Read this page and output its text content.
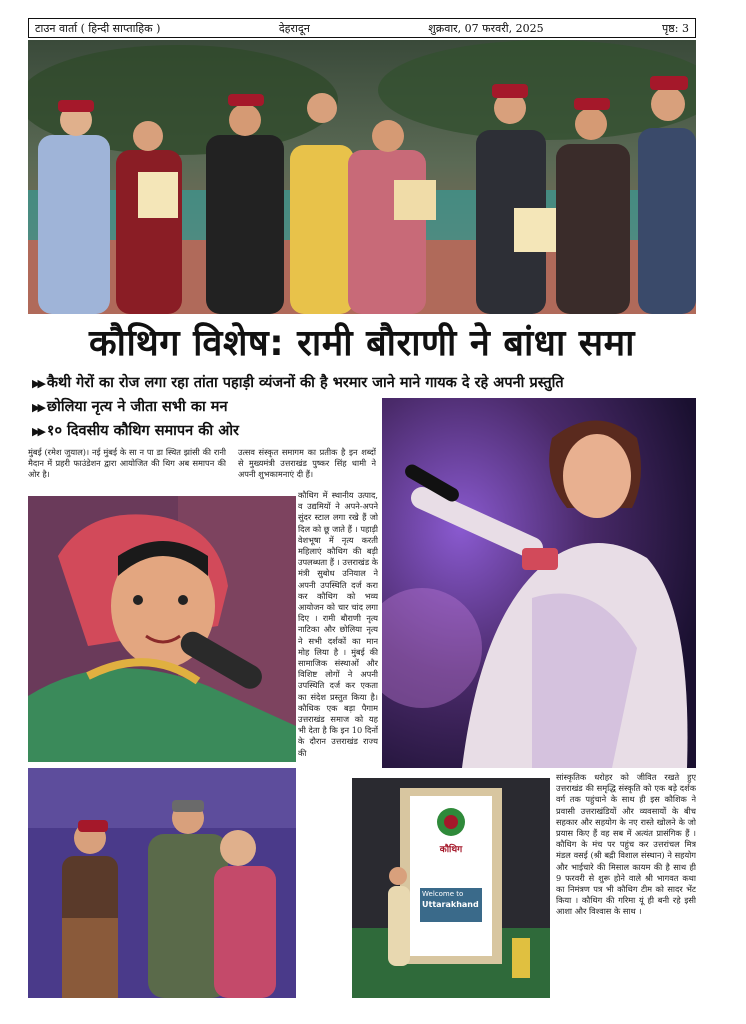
टाउन वार्ता ( हिन्दी साप्ताहिक )	देहरादून	शुक्रवार, 07 फरवरी, 2025	पृष्ठ: 3
कौथिग विशेष: रामी बौराणी ने बांधा समा
▶▶ कैथी गेरों का रोज लगा रहा तांता पहाड़ी व्यंजनों की है भरमार जाने माने गायक दे रहे अपनी प्रस्तुति
▶▶ छोलिया नृत्य ने जीता सभी का मन
▶▶ १० दिवसीय कौथिग समापन की ओर
मुंबई (रमेश जुयाल)। नई मुंबई के सा न पा डा स्थित झांसी की रानी मैदान में प्रहरी फाउंडेशन द्वारा आयोजित की थिग अब समापन की ओर है।
उत्सव संस्कृत समागम का प्रतीक है इन शब्दों से मुख्यमंत्री उत्तराखंड पुष्कर सिंह धामी ने अपनी शुभकामनाएं दी हैं।
कौथिग में स्थानीय उत्पाद, व उद्यमियों ने अपने-अपने सुंदर स्टाल लगा रखे हैं जो दिल को छू जाते हैं । पहाड़ी वेशभूषा में नृत्य करती महिलाएं कौथिग की बड़ी उपलब्धता हैं । उत्तराखंड के मंत्री सुबोध उनियाल ने अपनी उपस्थिति दर्ज करा कर कौथिग को भव्य आयोजन को चार चांद लगा दिए । रामी बौराणी नृत्य नाटिका और छोलिया नृत्य ने सभी दर्शकों का मान मोह लिया है । मुंबई की सामाजिक संस्थाओं और विशिष्ट लोगों ने अपनी उपस्थिति दर्ज कर एकता का संदेश प्रस्तुत किया है। कौथिक एक बड़ा पैगाम उत्तराखंड समाज को यह भी देता है कि इन 10 दिनों के दौरान उत्तराखंड राज्य की
कौथिग
Welcome to
Uttarakhand
सांस्कृतिक धरोहर को जीवित रखते हुए उत्तराखंड की समृद्धि संस्कृति को एक बड़े दर्शक वर्ग तक पहुंचाने के साथ ही इस कौशिक ने प्रवासी उत्तराखंडियों और व्यवसायों के बीच सहकार और सहयोग के नए रास्ते खोलने के जो प्रयास किए हैं वह सब में अत्यंत प्रासंगिक हैं । कौथिग के मंच पर पहुंच कर उत्तरांचल मित्र मंडल वसई (श्री बद्री विशाल संस्थान) ने सहयोग और भाईचारे की मिसाल कायम की है साथ ही 9 फरवरी से शुरू होने वाले श्री भागवत कथा का निमंत्रण पत्र भी कौथिग टीम को सादर भेंट किया । कौथिग की गरिमा यूं ही बनी रहे इसी आशा और विश्वास के साथ ।
